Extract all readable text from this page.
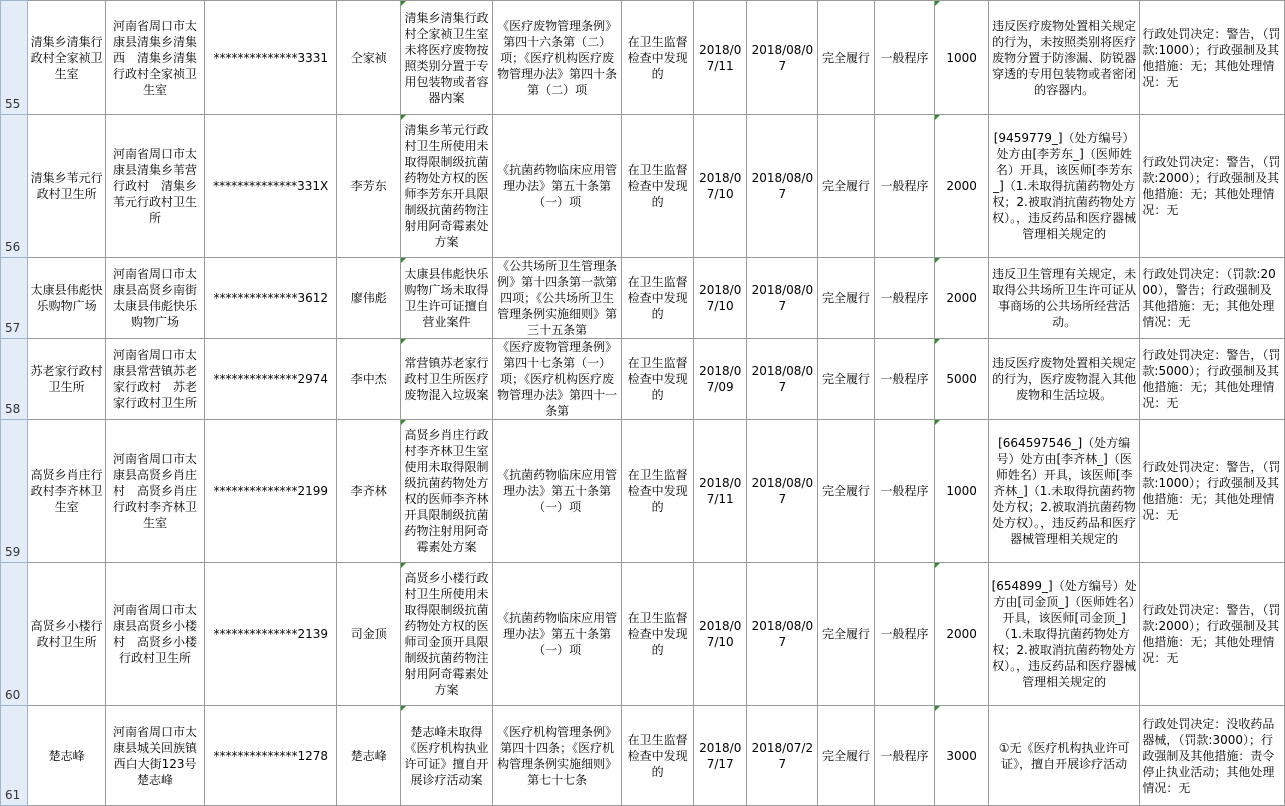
55	清集乡清集行政村全家祯卫生室	河南省周口市太康县清集乡清集西　清集乡清集行政村全家祯卫生室	**************3331	仝家祯	清集乡清集行政村仝家祯卫生室未将医疗废物按照类别分置于专用包装物或者容器内案	《医疗废物管理条例》第四十六条第（二）项；《医疗机构医疗废物管理办法》第四十条第（二）项	在卫生监督检查中发现的	2018/07/11	2018/08/07	完全履行	一般程序	1000	违反医疗废物处置相关规定的行为，未按照类别将医疗废物分置于防渗漏、防锐器穿透的专用包装物或者密闭的容器内。	行政处罚决定：警告，（罚款:1000）；行政强制及其他措施：无；其他处理情况：无
56	清集乡苇元行政村卫生所	河南省周口市太康县清集乡苇营行政村　清集乡苇元行政村卫生所	**************331X	李芳东	清集乡苇元行政村卫生所使用未取得限制级抗菌药物处方权的医师李芳东开具限制级抗菌药物注射用阿奇霉素处方案	《抗菌药物临床应用管理办法》第五十条第（一）项	在卫生监督检查中发现的	2018/07/10	2018/08/07	完全履行	一般程序	2000	[9459779_]（处方编号）处方由[李芳东_]（医师姓名）开具，该医师[李芳东_]（1.未取得抗菌药物处方权；2.被取消抗菌药物处方权）。，违反药品和医疗器械管理相关规定的	行政处罚决定：警告，（罚款:2000）；行政强制及其他措施：无；其他处理情况：无
57	太康县伟彪快乐购物广场	河南省周口市太康县高贤乡南街太康县伟彪快乐购物广场	**************3612	廖伟彪	太康县伟彪快乐购物广场未取得卫生许可证擅自营业案件	《公共场所卫生管理条例》第十四条第一款第四项；《公共场所卫生管理条例实施细则》第三十五条第	在卫生监督检查中发现的	2018/07/10	2018/08/07	完全履行	一般程序	2000	违反卫生管理有关规定，未取得公共场所卫生许可证从事商场的公共场所经营活动。	行政处罚决定：（罚款:2000），警告；行政强制及其他措施：无；其他处理情况：无
58	苏老家行政村卫生所	河南省周口市太康县常营镇苏老家行政村　苏老家行政村卫生所	**************2974	李中杰	常营镇苏老家行政村卫生所医疗废物混入垃圾案	《医疗废物管理条例》第四十七条第（一）项；《医疗机构医疗废物管理办法》第四十一条第	在卫生监督检查中发现的	2018/07/09	2018/08/07	完全履行	一般程序	5000	违反医疗废物处置相关规定的行为，医疗废物混入其他废物和生活垃圾。	行政处罚决定：警告，（罚款:5000）；行政强制及其他措施：无；其他处理情况：无
59	高贤乡肖庄行政村李齐林卫生室	河南省周口市太康县高贤乡肖庄村　高贤乡肖庄行政村李齐林卫生室	**************2199	李齐林	高贤乡肖庄行政村李齐林卫生室使用未取得限制级抗菌药物处方权的医师李齐林开具限制级抗菌药物注射用阿奇霉素处方案	《抗菌药物临床应用管理办法》第五十条第（一）项	在卫生监督检查中发现的	2018/07/11	2018/08/07	完全履行	一般程序	1000	[664597546_]（处方编号）处方由[李齐林_]（医师姓名）开具，该医师[李齐林_]（1.未取得抗菌药物处方权；2.被取消抗菌药物处方权）。，违反药品和医疗器械管理相关规定的	行政处罚决定：警告，（罚款:1000）；行政强制及其他措施：无；其他处理情况：无
60	高贤乡小楼行政村卫生所	河南省周口市太康县高贤乡小楼村　高贤乡小楼行政村卫生所	**************2139	司金顶	高贤乡小楼行政村卫生所使用未取得限制级抗菌药物处方权的医师司金顶开具限制级抗菌药物注射用阿奇霉素处方案	《抗菌药物临床应用管理办法》第五十条第（一）项	在卫生监督检查中发现的	2018/07/10	2018/08/07	完全履行	一般程序	2000	[654899_]（处方编号）处方由[司金顶_]（医师姓名）开具，该医师[司金顶_]（1.未取得抗菌药物处方权；2.被取消抗菌药物处方权）。，违反药品和医疗器械管理相关规定的	行政处罚决定：警告，（罚款:2000）；行政强制及其他措施：无；其他处理情况：无
61	楚志峰	河南省周口市太康县城关回族镇西白大街123号楚志峰	**************1278	楚志峰	楚志峰未取得《医疗机构执业许可证》擅自开展诊疗活动案	《医疗机构管理条例》第四十四条；《医疗机构管理条例实施细则》第七十七条	在卫生监督检查中发现的	2018/07/17	2018/07/27	完全履行	一般程序	3000	①无《医疗机构执业许可证》，擅自开展诊疗活动	行政处罚决定：没收药品器械，（罚款:3000）；行政强制及其他措施：责令停止执业活动；其他处理情况：无
